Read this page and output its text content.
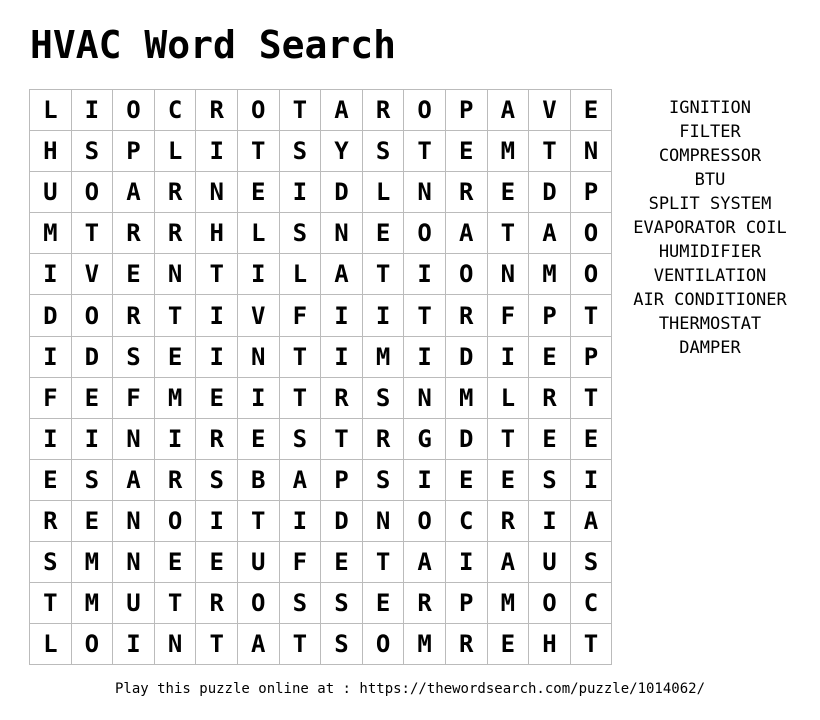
HVAC Word Search
L	I	O	C	R	O	T	A	R	O	P	A	V	E
H	S	P	L	I	T	S	Y	S	T	E	M	T	N
U	O	A	R	N	E	I	D	L	N	R	E	D	P
M	T	R	R	H	L	S	N	E	O	A	T	A	O
I	V	E	N	T	I	L	A	T	I	O	N	M	O
D	O	R	T	I	V	F	I	I	T	R	F	P	T
I	D	S	E	I	N	T	I	M	I	D	I	E	P
F	E	F	M	E	I	T	R	S	N	M	L	R	T
I	I	N	I	R	E	S	T	R	G	D	T	E	E
E	S	A	R	S	B	A	P	S	I	E	E	S	I
R	E	N	O	I	T	I	D	N	O	C	R	I	A
S	M	N	E	E	U	F	E	T	A	I	A	U	S
T	M	U	T	R	O	S	S	E	R	P	M	O	C
L	O	I	N	T	A	T	S	O	M	R	E	H	T
IGNITION
FILTER
COMPRESSOR
BTU
SPLIT SYSTEM
EVAPORATOR COIL
HUMIDIFIER
VENTILATION
AIR CONDITIONER
THERMOSTAT
DAMPER
Play this puzzle online at : https://thewordsearch.com/puzzle/1014062/
